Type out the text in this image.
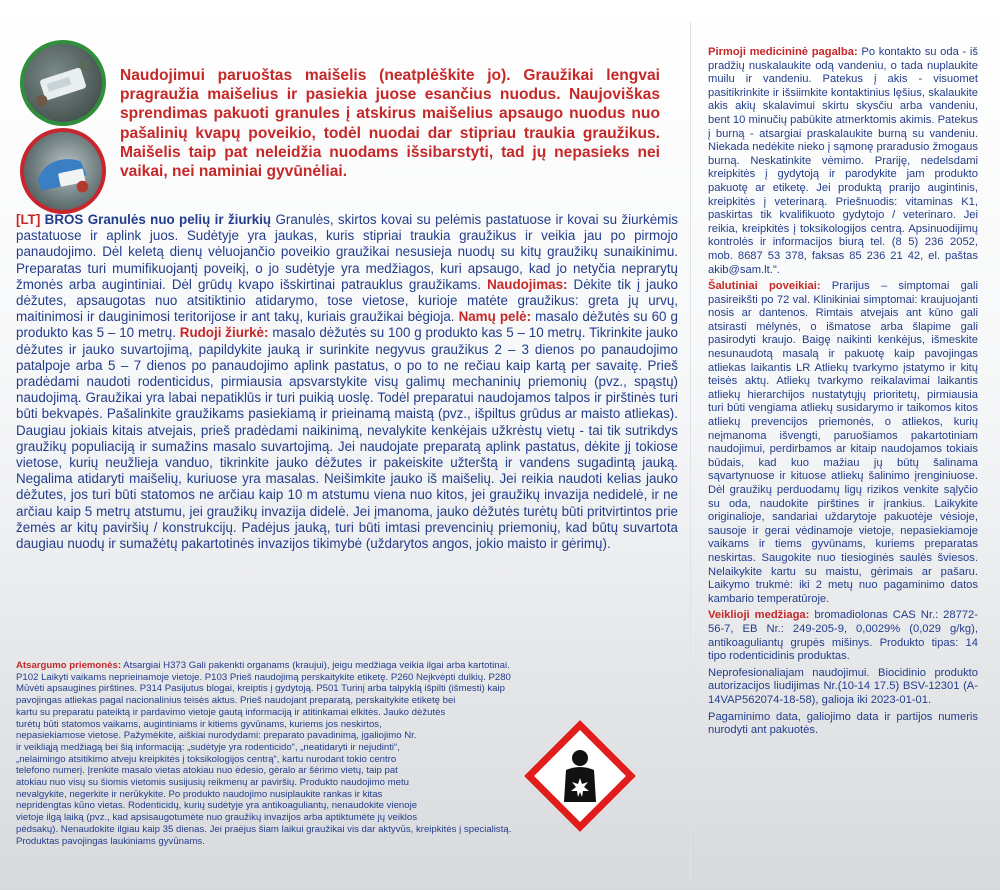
Naudojimui paruoštas maišelis (neatplėškite jo). Graužikai lengvai pragraužia maišelius ir pasiekia juose esančius nuodus. Naujoviškas sprendimas pakuoti granules į atskirus maišelius apsaugo nuodus nuo pašalinių kvapų poveikio, todėl nuodai dar stipriau traukia graužikus. Maišelis taip pat neleidžia nuodams išsibarstyti, tad jų nepasieks nei vaikai, nei naminiai gyvūnėliai.

[LT] BROS Granulės nuo pelių ir žiurkių Granulės, skirtos kovai su pelėmis pastatuose ir kovai su žiurkėmis pastatuose ir aplink juos. Sudėtyje yra jaukas, kuris stipriai traukia graužikus ir veikia jau po pirmojo panaudojimo. Dėl keletą dienų vėluojančio poveikio graužikai nesusieja nuodų su kitų graužikų sunaikinimu. Preparatas turi mumifikuojantį poveikį, o jo sudėtyje yra medžiagos, kuri apsaugo, kad jo netyčia neprarytų žmonės arba augintiniai. Dėl grūdų kvapo išskirtinai patrauklus graužikams. Naudojimas: Dėkite tik į jauko dėžutes, apsaugotas nuo atsitiktinio atidarymo, tose vietose, kurioje matėte graužikus: greta jų urvų, maitinimosi ir dauginimosi teritorijose ir ant takų, kuriais graužikai bėgioja. Namų pelė: masalo dėžutės su 60 g produkto kas 5 – 10 metrų. Rudoji žiurkė: masalo dėžutės su 100 g produkto kas 5 – 10 metrų. Tikrinkite jauko dėžutes ir jauko suvartojimą, papildykite jauką ir surinkite negyvus graužikus 2 – 3 dienos po panaudojimo patalpoje arba 5 – 7 dienos po panaudojimo aplink pastatus, o po to ne rečiau kaip kartą per savaitę. Prieš pradėdami naudoti rodenticidus, pirmiausia apsvarstykite visų galimų mechaninių priemonių (pvz., spąstų) naudojimą. Graužikai yra labai nepatiklūs ir turi puikią uoslę. Todėl preparatui naudojamos talpos ir pirštinės turi būti bekvapės. Pašalinkite graužikams pasiekiamą ir prieinamą maistą (pvz., išpiltus grūdus ar maisto atliekas). Daugiau jokiais kitais atvejais, prieš pradėdami naikinimą, nevalykite kenkėjais užkrėstų vietų - tai tik sutrikdys graužikų populiaciją ir sumažins masalo suvartojimą. Jei naudojate preparatą aplink pastatus, dėkite jį tokiose vietose, kurių neužlieja vanduo, tikrinkite jauko dėžutes ir pakeiskite užterštą ir vandens sugadintą jauką. Negalima atidaryti maišelių, kuriuose yra masalas. Neišimkite jauko iš maišelių. Jei reikia naudoti kelias jauko dėžutes, jos turi būti statomos ne arčiau kaip 10 m atstumu viena nuo kitos, jei graužikų invazija nedidelė, ir ne arčiau kaip 5 metrų atstumu, jei graužikų invazija didelė. Jei įmanoma, jauko dėžutės turėtų būti pritvirtintos prie žemės ar kitų paviršių / konstrukcijų. Padėjus jauką, turi būti imtasi prevencinių priemonių, kad būtų suvartota daugiau nuodų ir sumažėtų pakartotinės invazijos tikimybė (uždarytos angos, jokio maisto ir gėrimų).

Atsargumo priemonės: Atsargiai H373 Gali pakenkti organams (kraujui), jeigu medžiaga veikia ilgai arba kartotinai.
P102 Laikyti vaikams neprieinamoje vietoje. P103 Prieš naudojimą perskaitykite etiketę. P260 Neįkvėpti dulkių. P280
Mūvėti apsaugines pirštines. P314 Pasijutus blogai, kreiptis į gydytoją. P501 Turinį arba talpyklą išpilti (išmesti) kaip
pavojingas atliekas pagal nacionalinius teisės aktus. Prieš naudojant preparatą, perskaitykite etiketę bei
kartu su preparatu pateiktą ir pardavimo vietoje gautą informaciją ir atitinkamai elkitės. Jauko dėžutės
turėtų būti statomos vaikams, augintiniams ir kitiems gyvūnams, kuriems jos neskirtos,
nepasiekiamose vietose. Pažymėkite, aiškiai nurodydami: preparato pavadinimą, įgaliojimo Nr.
ir veikliąją medžiagą bei šią informaciją: „sudėtyje yra rodenticido“, „neatidaryti ir nejudinti“,
„nelaimingo atsitikimo atveju kreipkitės į toksikologijos centrą“, kartu nurodant tokio centro
telefono numerį. Įrenkite masalo vietas atokiau nuo ėdesio, gėralo ar šėrimo vietų, taip pat
atokiau nuo visų su šiomis vietomis susijusių reikmenų ar paviršių. Produkto naudojimo metu
nevalgykite, negerkite ir nerūkykite. Po produkto naudojimo nusiplaukite rankas ir kitas
nepridengtas kūno vietas. Rodenticidų, kurių sudėtyje yra antikoaguliantų, nenaudokite vienoje
vietoje ilgą laiką (pvz., kad apsisaugotumėte nuo graužikų invazijos arba aptiktumėte jų veiklos
pėdsakų). Nenaudokite ilgiau kaip 35 dienas. Jei praėjus šiam laikui graužikai vis dar aktyvūs, kreipkitės į specialistą.
Produktas pavojingas laukiniams gyvūnams.

Pirmoji medicininė pagalba: Po kontakto su oda - iš pradžių nuskalaukite odą vandeniu, o tada nuplaukite muilu ir vandeniu. Patekus į akis - visuomet pasitikrinkite ir išsiimkite kontaktinius lęšius, skalaukite akis akių skalavimui skirtu skysčiu arba vandeniu, bent 10 minučių pabūkite atmerktomis akimis. Patekus į burną - atsargiai praskalaukite burną su vandeniu. Niekada nedėkite nieko į sąmonę praradusio žmogaus burną. Neskatinkite vėmimo. Prariję, nedelsdami kreipkitės į gydytoją ir parodykite jam produkto pakuotę ar etiketę. Jei produktą prarijo augintinis, kreipkitės į veterinarą. Priešnuodis: vitaminas K1, paskirtas tik kvalifikuoto gydytojo / veterinaro. Jei reikia, kreipkitės į toksikologijos centrą. Apsinuodijimų kontrolės ir informacijos biurą tel. (8 5) 236 2052, mob. 8687 53 378, faksas 85 236 21 42, el. paštas akib@sam.lt.".

Šalutiniai poveikiai: Prarijus – simptomai gali pasireikšti po 72 val. Klinikiniai simptomai: kraujuojanti nosis ar dantenos. Rimtais atvejais ant kūno gali atsirasti mėlynės, o išmatose arba šlapime gali pasirodyti kraujo. Baigę naikinti kenkėjus, išmeskite nesunaudotą masalą ir pakuotę kaip pavojingas atliekas laikantis LR Atliekų tvarkymo įstatymo ir kitų teisės aktų. Atliekų tvarkymo reikalavimai laikantis atliekų hierarchijos nustatytųjų prioritetų, pirmiausia turi būti vengiama atliekų susidarymo ir taikomos kitos atliekų prevencijos priemonės, o atliekos, kurių neįmanoma išvengti, paruošiamos pakartotiniam naudojimui, perdirbamos ar kitaip naudojamos tokiais būdais, kad kuo mažiau jų būtų šalinama sąvartynuose ir kituose atliekų šalinimo įrenginiuose. Dėl graužikų perduodamų ligų rizikos venkite sąlyčio su oda, naudokite pirštines ir įrankius. Laikykite originalioje, sandariai uždarytoje pakuotėje vėsioje, sausoje ir gerai vėdinamoje vietoje, nepasiekiamoje vaikams ir tiems gyvūnams, kuriems preparatas neskirtas. Saugokite nuo tiesioginės saulės šviesos. Nelaikykite kartu su maistu, gėrimais ar pašaru. Laikymo trukmė: iki 2 metų nuo pagaminimo datos kambario temperatūroje.

Veiklioji medžiaga: bromadiolonas CAS Nr.: 28772-56-7, EB Nr.: 249-205-9, 0,0029% (0,029 g/kg), antikoaguliantų grupės mišinys. Produkto tipas: 14 tipo rodenticidinis produktas.

Neprofesionaliajam naudojimui. Biocidinio produkto autorizacijos liudijimas Nr.(10-14 17.5) BSV-12301 (A-14VAP562074-18-58), galioja iki 2023-01-01.

Pagaminimo data, galiojimo data ir partijos numeris nurodyti ant pakuotės.
